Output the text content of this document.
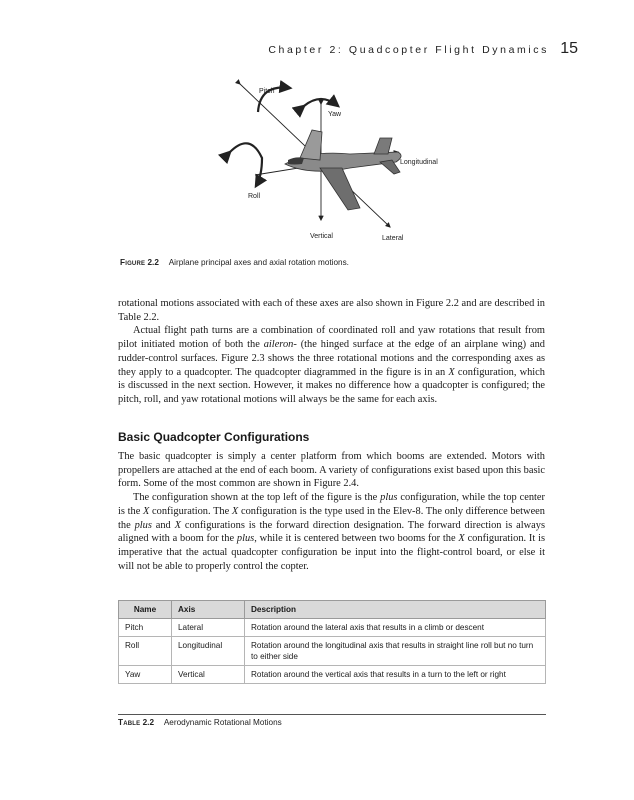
Chapter 2: Quadcopter Flight Dynamics 15
Pitch
Yaw
Longitudinal
Roll
Vertical	Lateral
Figure 2.2 Airplane principal axes and axial rotation motions.

rotational motions associated with each of these axes are also shown in Figure 2.2 and are described in Table 2.2.

Actual flight path turns are a combination of coordinated roll and yaw rotations that result from pilot initiated motion of both the aileron- (the hinged surface at the edge of an airplane wing) and rudder-control surfaces. Figure 2.3 shows the three rotational motions and the corresponding axes as they apply to a quadcopter. The quadcopter diagrammed in the figure is in an X configuration, which is discussed in the next section. However, it makes no difference how a quadcopter is configured; the pitch, roll, and yaw rotational motions will always be the same for each axis.

Basic Quadcopter Configurations

The basic quadcopter is simply a center platform from which booms are extended. Motors with propellers are attached at the end of each boom. A variety of configurations exist based upon this basic form. Some of the most common are shown in Figure 2.4.

The configuration shown at the top left of the figure is the plus configuration, while the top center is the X configuration. The X configuration is the type used in the Elev-8. The only difference between the plus and X configurations is the forward direction designation. The forward direction is always aligned with a boom for the plus, while it is centered between two booms for the X configuration. It is imperative that the actual quadcopter configuration be input into the flight-control board, or else it will not be able to properly control the copter.

Name	Axis	Description
Pitch	Lateral	Rotation around the lateral axis that results in a climb or descent
Roll	Longitudinal	Rotation around the longitudinal axis that results in straight line roll but no turn to either side
Yaw	Vertical	Rotation around the vertical axis that results in a turn to the left or right
Table 2.2 Aerodynamic Rotational Motions
